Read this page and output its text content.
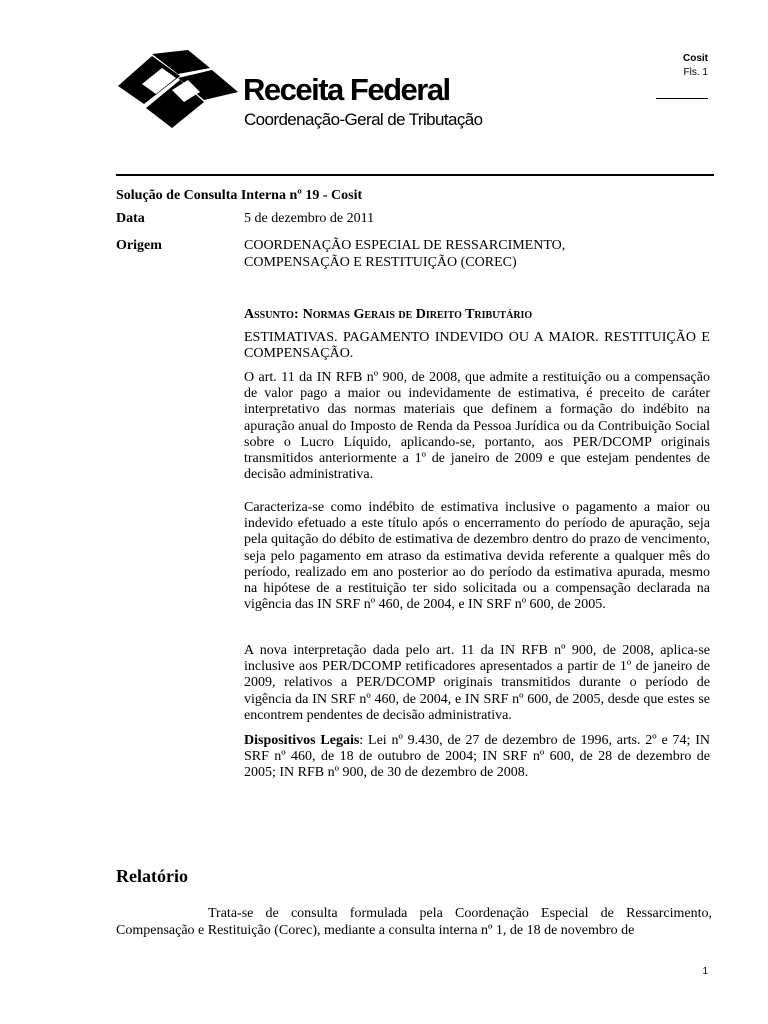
Receita Federal
Coordenação-Geral de Tributação
Cosit
Fls. 1
Solução de Consulta Interna nº 19 - Cosit
Data	5 de dezembro de 2011
Origem	COORDENAÇÃO ESPECIAL DE RESSARCIMENTO,
COMPENSAÇÃO E RESTITUIÇÃO (COREC)
Assunto: Normas Gerais de Direito Tributário

ESTIMATIVAS. PAGAMENTO INDEVIDO OU A MAIOR. RESTITUIÇÃO E COMPENSAÇÃO.

O art. 11 da IN RFB nº 900, de 2008, que admite a restituição ou a compensação de valor pago a maior ou indevidamente de estimativa, é preceito de caráter interpretativo das normas materiais que definem a formação do indébito na apuração anual do Imposto de Renda da Pessoa Jurídica ou da Contribuição Social sobre o Lucro Líquido, aplicando-se, portanto, aos PER/DCOMP originais transmitidos anteriormente a 1º de janeiro de 2009 e que estejam pendentes de decisão administrativa.

Caracteriza-se como indébito de estimativa inclusive o pagamento a maior ou indevido efetuado a este título após o encerramento do período de apuração, seja pela quitação do débito de estimativa de dezembro dentro do prazo de vencimento, seja pelo pagamento em atraso da estimativa devida referente a qualquer mês do período, realizado em ano posterior ao do período da estimativa apurada, mesmo na hipótese de a restituição ter sido solicitada ou a compensação declarada na vigência das IN SRF nº 460, de 2004, e IN SRF nº 600, de 2005.

A nova interpretação dada pelo art. 11 da IN RFB nº 900, de 2008, aplica-se inclusive aos PER/DCOMP retificadores apresentados a partir de 1º de janeiro de 2009, relativos a PER/DCOMP originais transmitidos durante o período de vigência da IN SRF nº 460, de 2004, e IN SRF nº 600, de 2005, desde que estes se encontrem pendentes de decisão administrativa.

Dispositivos Legais: Lei nº 9.430, de 27 de dezembro de 1996, arts. 2º e 74; IN SRF nº 460, de 18 de outubro de 2004; IN SRF nº 600, de 28 de dezembro de 2005; IN RFB nº 900, de 30 de dezembro de 2008.

Relatório

Trata-se de consulta formulada pela Coordenação Especial de Ressarcimento, Compensação e Restituição (Corec), mediante a consulta interna nº 1, de 18 de novembro de

1
